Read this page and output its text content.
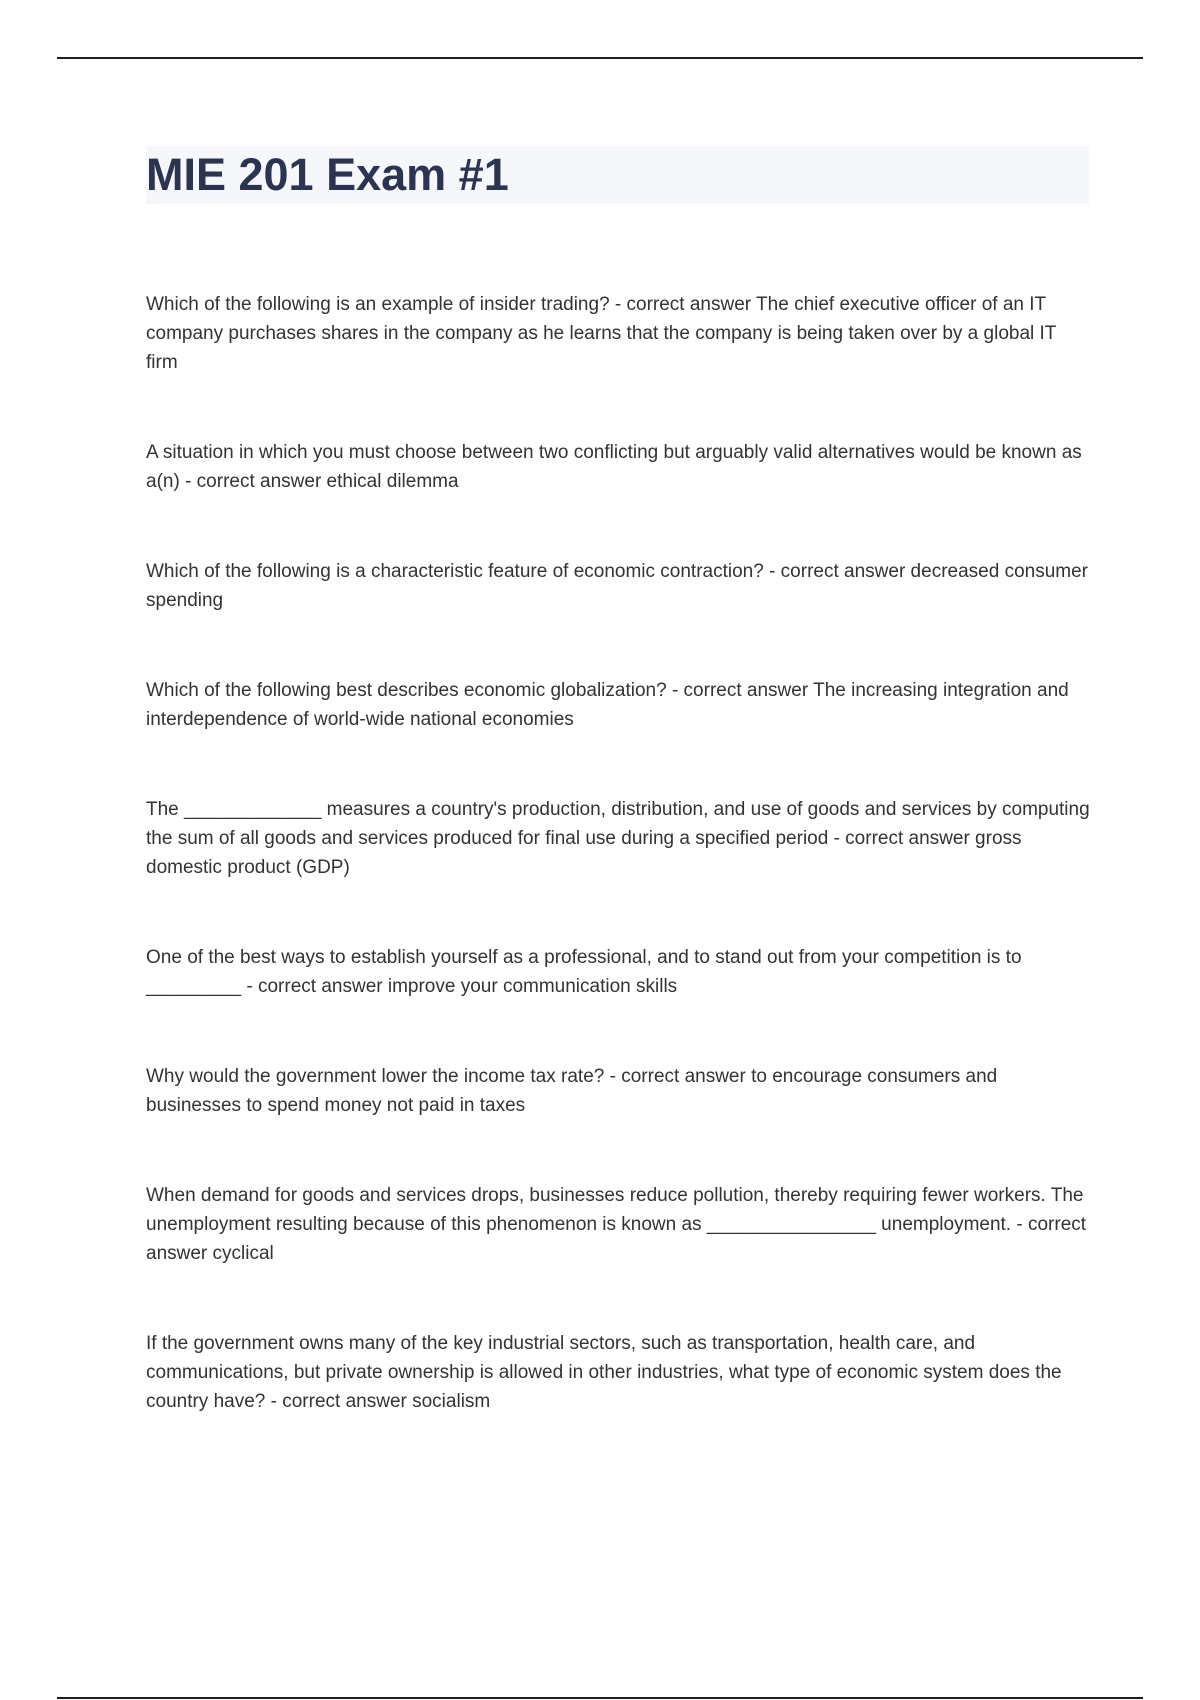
MIE 201 Exam #1
Which of the following is an example of insider trading? - correct answer The chief executive officer of an IT company purchases shares in the company as he learns that the company is being taken over by a global IT firm
A situation in which you must choose between two conflicting but arguably valid alternatives would be known as a(n) - correct answer ethical dilemma
Which of the following is a characteristic feature of economic contraction? - correct answer decreased consumer spending
Which of the following best describes economic globalization? - correct answer The increasing integration and interdependence of world-wide national economies
The _____________ measures a country's production, distribution, and use of goods and services by computing the sum of all goods and services produced for final use during a specified period - correct answer gross domestic product (GDP)
One of the best ways to establish yourself as a professional, and to stand out from your competition is to _________ - correct answer improve your communication skills
Why would the government lower the income tax rate? - correct answer to encourage consumers and businesses to spend money not paid in taxes
When demand for goods and services drops, businesses reduce pollution, thereby requiring fewer workers. The unemployment resulting because of this phenomenon is known as ________________ unemployment. - correct answer cyclical
If the government owns many of the key industrial sectors, such as transportation, health care, and communications, but private ownership is allowed in other industries, what type of economic system does the country have? - correct answer socialism
